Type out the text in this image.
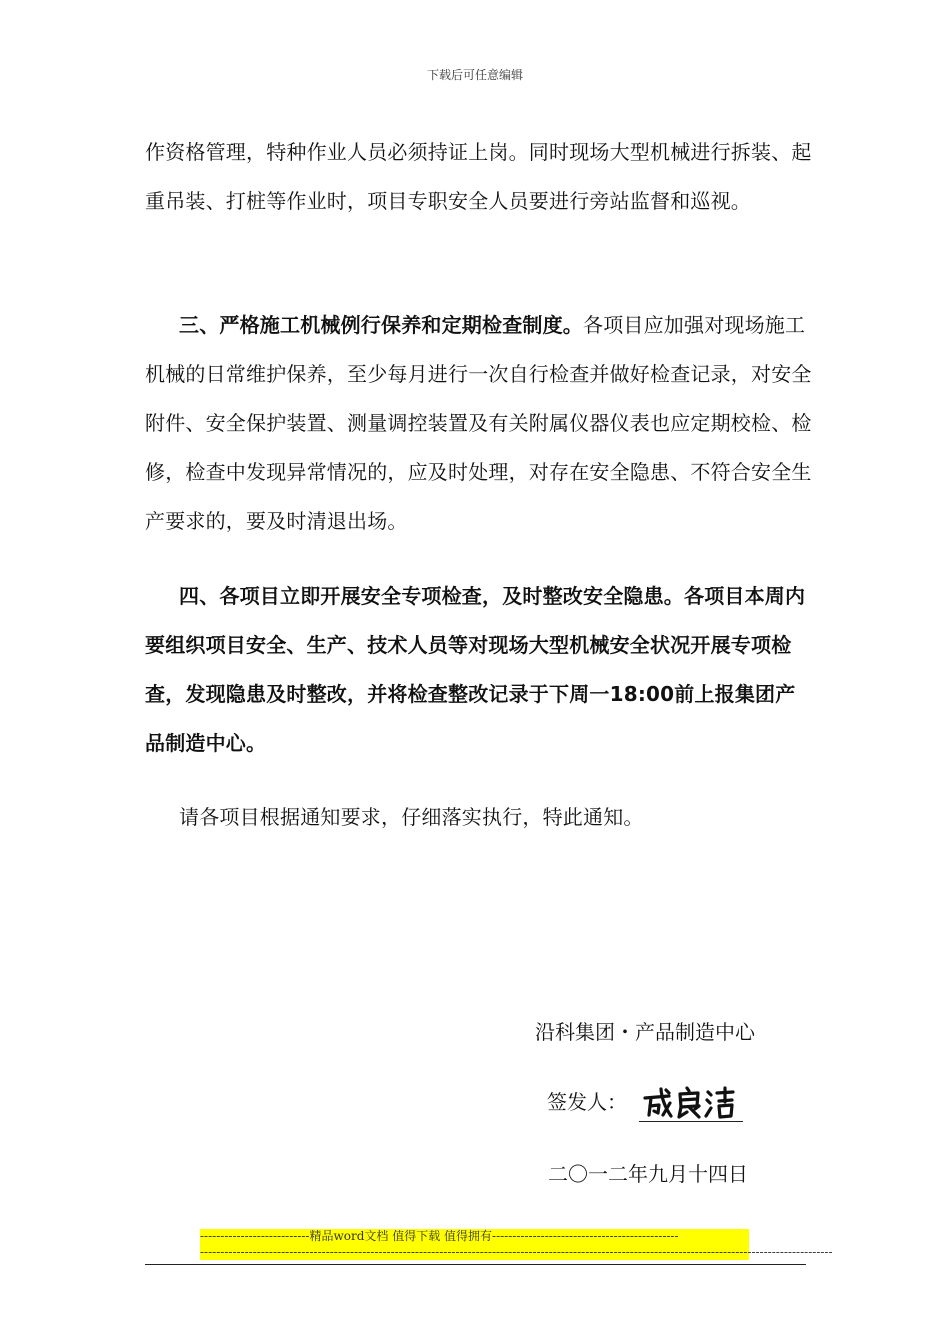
下载后可任意编辑

作资格管理，特种作业人员必须持证上岗。同时现场大型机械进行拆装、起重吊装、打桩等作业时，项目专职安全人员要进行旁站监督和巡视。

三、严格施工机械例行保养和定期检查制度。各项目应加强对现场施工机械的日常维护保养，至少每月进行一次自行检查并做好检查记录，对安全附件、安全保护装置、测量调控装置及有关附属仪器仪表也应定期校检、检修，检查中发现异常情况的，应及时处理，对存在安全隐患、不符合安全生产要求的，要及时清退出场。

四、各项目立即开展安全专项检查，及时整改安全隐患。各项目本周内要组织项目安全、生产、技术人员等对现场大型机械安全状况开展专项检查，发现隐患及时整改，并将检查整改记录于下周一18:00前上报集团产品制造中心。

请各项目根据通知要求，仔细落实执行，特此通知。

沿科集团・产品制造中心
签发人：
二〇一二年九月十四日
---------------------------精品word文档 值得下载 值得拥有----------------------------------------------
------------------------------------------------------------------------------------------------------------------------------------------------------------
